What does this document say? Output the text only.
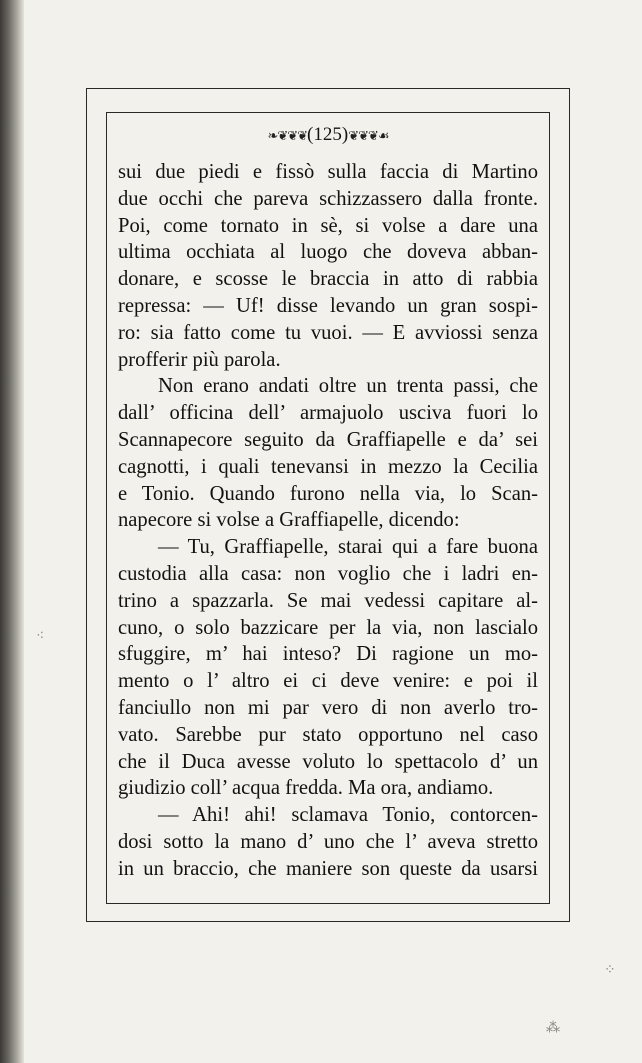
⁖
⁘
⁂
❧❦❦❦(125)❦❦❦☙
sui due piedi e fissò sulla faccia di Martino
due occhi che pareva schizzassero dalla fronte.
Poi, come tornato in sè, si volse a dare una
ultima occhiata al luogo che doveva abban-
donare, e scosse le braccia in atto di rabbia
repressa: — Uf! disse levando un gran sospi-
ro: sia fatto come tu vuoi. — E avviossi senza
profferir più parola.
Non erano andati oltre un trenta passi, che
dall’ officina dell’ armajuolo usciva fuori lo
Scannapecore seguito da Graffiapelle e da’ sei
cagnotti, i quali tenevansi in mezzo la Cecilia
e Tonio. Quando furono nella via, lo Scan-
napecore si volse a Graffiapelle, dicendo:
— Tu, Graffiapelle, starai qui a fare buona
custodia alla casa: non voglio che i ladri en-
trino a spazzarla. Se mai vedessi capitare al-
cuno, o solo bazzicare per la via, non lascialo
sfuggire, m’ hai inteso? Di ragione un mo-
mento o l’ altro ei ci deve venire: e poi il
fanciullo non mi par vero di non averlo tro-
vato. Sarebbe pur stato opportuno nel caso
che il Duca avesse voluto lo spettacolo d’ un
giudizio coll’ acqua fredda. Ma ora, andiamo.
— Ahi! ahi! sclamava Tonio, contorcen-
dosi sotto la mano d’ uno che l’ aveva stretto
in un braccio, che maniere son queste da usarsi
